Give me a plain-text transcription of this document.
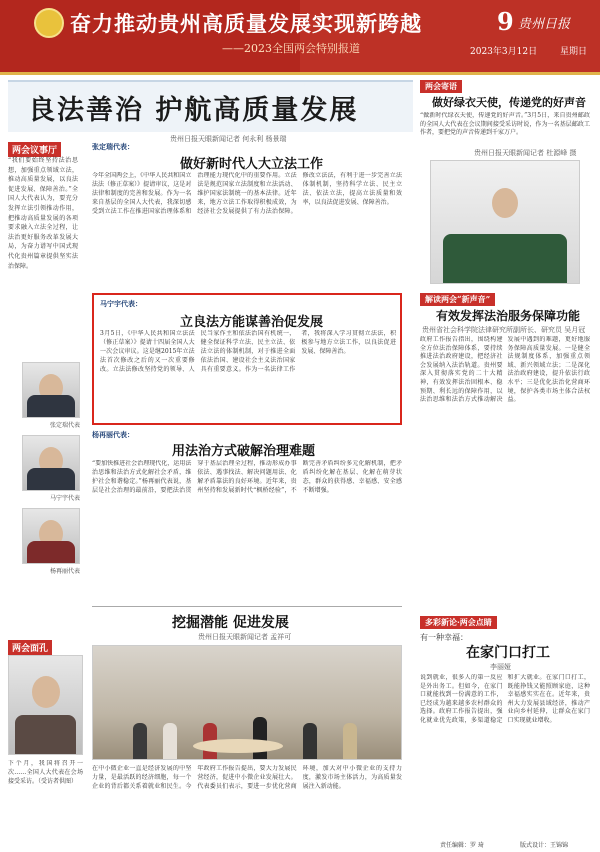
奋力推动贵州高质量发展实现新跨越
——2023全国两会特别报道
9 贵州日报
2023年3月12日	星期日
良法善治 护航高质量发展
贵州日报天眼新闻记者 何永利 杨景瑞
两会议事厅
“我们要始终坚持法治思想，加强重点领域立法，推动高质量发展，以良法促进发展、保障善治。”全国人大代表认为，要充分发挥立法引领推动作用，把推动高质量发展的各项要求融入立法全过程，让法治更好服务改革发展大局，为奋力谱写中国式现代化贵州篇章提供坚实法治保障。
张定瑞代表
马宁宇代表
杨再丽代表
张定瑞代表：
做好新时代人大立法工作
今年全国两会上，《中华人民共和国立法法（修正草案）》提请审议，这是对法律和制度的完善和发展。作为一名来自基层的全国人大代表，我深切感受到立法工作在推进国家治理体系和治理能力现代化中的重要作用。立法法是规范国家立法制度和立法活动、维护国家法制统一的基本法律。近年来，地方立法工作取得积极成效，为经济社会发展提供了有力法治保障。修改立法法，有利于进一步完善立法体制机制，坚持科学立法、民主立法、依法立法，提高立法质量和效率，以良法促进发展、保障善治。
马宁宇代表：
立良法方能谋善治促发展
3月5日，《中华人民共和国立法法（修正草案）》提请十四届全国人大一次会议审议。这是继2015年立法法首次修改之后的又一次重要修改。立法法修改坚持党的领导、人民当家作主和依法治国有机统一，健全保证科学立法、民主立法、依法立法的体制机制，对于推进全面依法治国、建设社会主义法治国家具有重要意义。作为一名法律工作者，我将深入学习贯彻立法法，积极参与地方立法工作，以良法促进发展、保障善治。
杨再丽代表：
用法治方式破解治理难题
“要加快推进社会治理现代化，运用法治思维和法治方式化解社会矛盾，维护社会和谐稳定。”杨再丽代表说，基层是社会治理的最前沿，要把法治贯穿于基层治理全过程，推动形成办事依法、遇事找法、解决问题用法、化解矛盾靠法的良好环境。近年来，贵州坚持和发展新时代“枫桥经验”，不断完善矛盾纠纷多元化解机制，把矛盾纠纷化解在基层、化解在萌芽状态，群众的获得感、幸福感、安全感不断增强。
挖掘潜能 促进发展
贵州日报天眼新闻记者 孟祥可
在中小微企业一直是经济发展的中坚力量，是最活跃的经济细胞，每一个企业的背后都关系着就业和民生。今年政府工作报告提出，要大力发展民营经济，促进中小微企业发展壮大。代表委员们表示，要进一步优化营商环境，加大对中小微企业的支持力度，激发市场主体活力，为高质量发展注入新动能。
两会面孔
下个月，我国将召开一次……全国人大代表在会场接受采访。（受访者供图）
两会寄语
做好绿衣天使，传递党的好声音
“做新时代绿衣天使，传递党的好声音。”3月5日，来自贵州邮政的全国人大代表在会议期间接受采访时说，作为一名基层邮政工作者，要把党的声音传递到千家万户。
贵州日报天眼新闻记者 杜源峰 摄
解读两会“新声音”
有效发挥法治服务保障功能
贵州省社会科学院法律研究所副所长、研究员 吴月冠
政府工作报告指出，围绕构建全方位法治保障体系，要持续推进法治政府建设，把经济社会发展纳入法治轨道。贵州要深入贯彻落实党的二十大精神，有效发挥法治固根本、稳预期、利长远的保障作用，以法治思维和法治方式推动解决发展中遇到的难题，更好地服务保障高质量发展。一是健全法规制度体系，加强重点领域、新兴领域立法；二是深化法治政府建设，提升依法行政水平；三是优化法治化营商环境，保护各类市场主体合法权益。
多彩新论·两会点睛
有一种幸福：
在家门口打工
李丽娅
说到就业，很多人的第一反应是外出务工。但如今，在家门口就能找到一份满意的工作，已经成为越来越多农村群众的选择。政府工作报告提出，强化就业优先政策，多渠道稳定和扩大就业。在家门口打工，既能挣钱又能照顾家庭，这种幸福感实实在在。近年来，贵州大力发展县域经济，推动产业向乡村延伸，让群众在家门口实现就业增收。
责任编辑：罗 琦	版式设计：王锦锦
